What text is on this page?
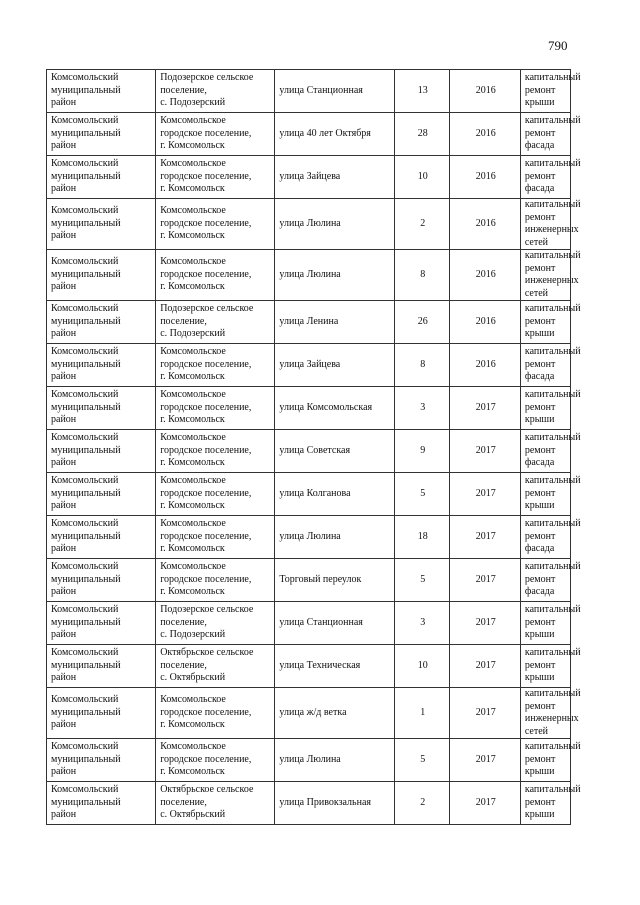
790
Комсомольский
муниципальный
район	Подозерское сельское
поселение,
с. Подозерский	улица Станционная	13	2016	капитальный
ремонт крыши

Комсомольский
муниципальный
район	Комсомольское
городское поселение,
г. Комсомольск	улица 40 лет Октября	28	2016	капитальный
ремонт фасада

Комсомольский
муниципальный
район	Комсомольское
городское поселение,
г. Комсомольск	улица Зайцева	10	2016	капитальный
ремонт фасада

Комсомольский
муниципальный
район	Комсомольское
городское поселение,
г. Комсомольск	улица Люлина	2	2016	капитальный
ремонт
инженерных
сетей

Комсомольский
муниципальный
район	Комсомольское
городское поселение,
г. Комсомольск	улица Люлина	8	2016	капитальный
ремонт
инженерных
сетей

Комсомольский
муниципальный
район	Подозерское сельское
поселение,
с. Подозерский	улица Ленина	26	2016	капитальный
ремонт крыши

Комсомольский
муниципальный
район	Комсомольское
городское поселение,
г. Комсомольск	улица Зайцева	8	2016	капитальный
ремонт фасада

Комсомольский
муниципальный
район	Комсомольское
городское поселение,
г. Комсомольск	улица Комсомольская	3	2017	капитальный
ремонт крыши

Комсомольский
муниципальный
район	Комсомольское
городское поселение,
г. Комсомольск	улица Советская	9	2017	капитальный
ремонт фасада

Комсомольский
муниципальный
район	Комсомольское
городское поселение,
г. Комсомольск	улица Колганова	5	2017	капитальный
ремонт крыши

Комсомольский
муниципальный
район	Комсомольское
городское поселение,
г. Комсомольск	улица Люлина	18	2017	капитальный
ремонт фасада

Комсомольский
муниципальный
район	Комсомольское
городское поселение,
г. Комсомольск	Торговый переулок	5	2017	капитальный
ремонт фасада

Комсомольский
муниципальный
район	Подозерское сельское
поселение,
с. Подозерский	улица Станционная	3	2017	капитальный
ремонт крыши

Комсомольский
муниципальный
район	Октябрьское сельское
поселение,
с. Октябрьский	улица Техническая	10	2017	капитальный
ремонт крыши

Комсомольский
муниципальный
район	Комсомольское
городское поселение,
г. Комсомольск	улица ж/д ветка	1	2017	капитальный
ремонт
инженерных
сетей

Комсомольский
муниципальный
район	Комсомольское
городское поселение,
г. Комсомольск	улица Люлина	5	2017	капитальный
ремонт крыши

Комсомольский
муниципальный
район	Октябрьское сельское
поселение,
с. Октябрьский	улица Привокзальная	2	2017	капитальный
ремонт крыши
